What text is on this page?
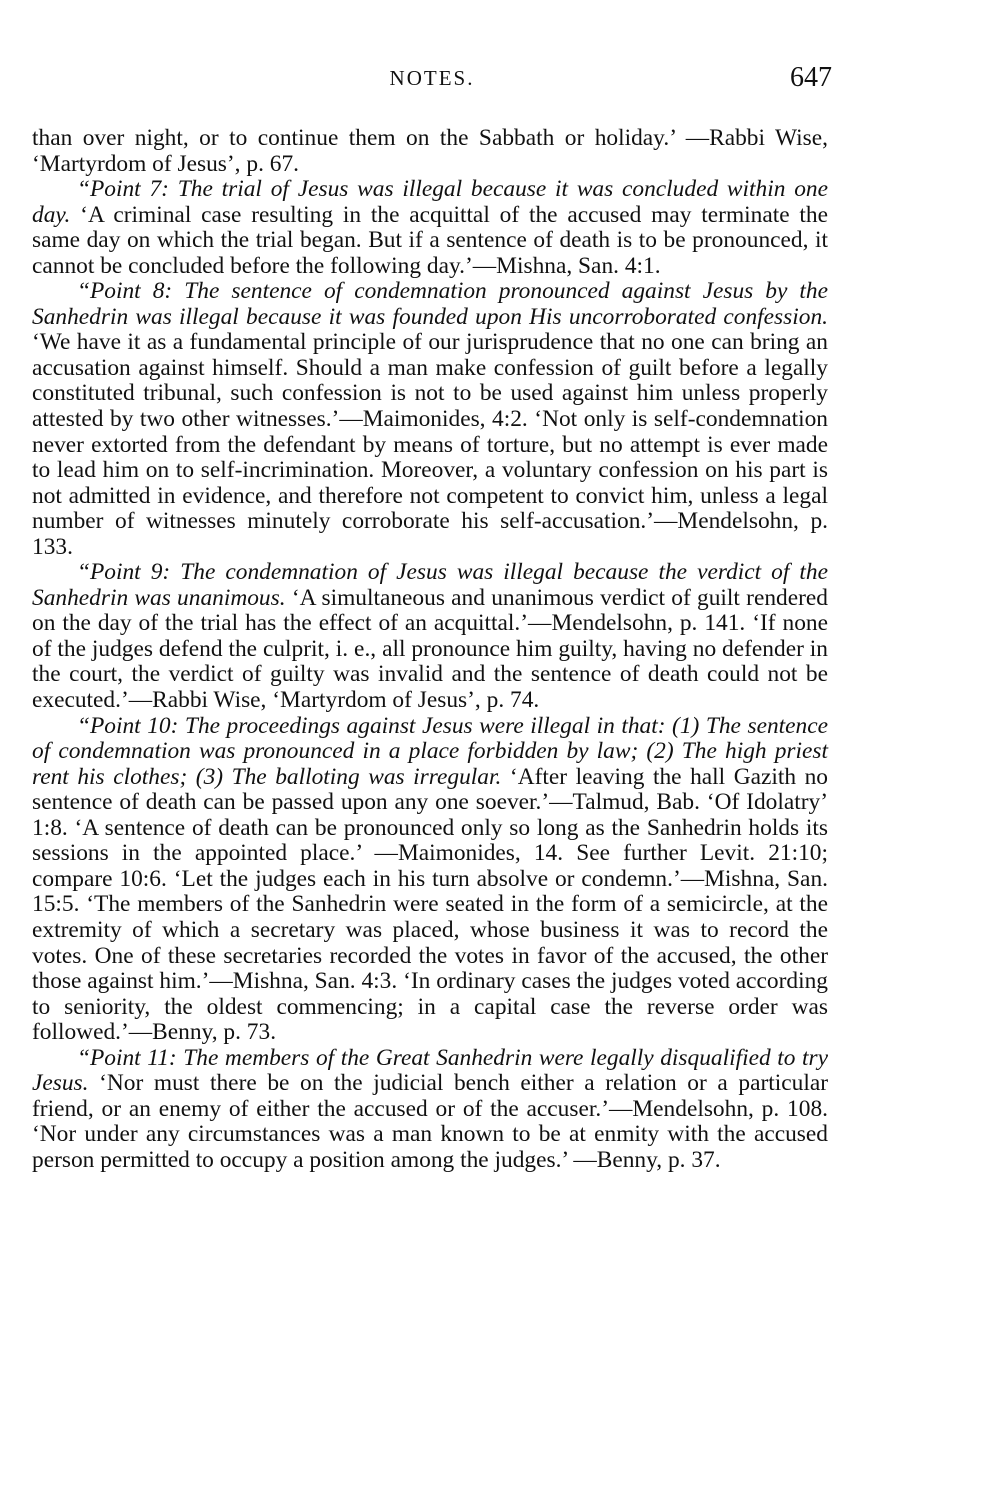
NOTES.	647

than over night, or to continue them on the Sabbath or holiday.’ —Rabbi Wise, ‘Martyrdom of Jesus’, p. 67.

“Point 7: The trial of Jesus was illegal because it was concluded within one day. ‘A criminal case resulting in the acquittal of the accused may terminate the same day on which the trial began. But if a sentence of death is to be pronounced, it cannot be concluded before the following day.’—Mishna, San. 4:1.

“Point 8: The sentence of condemnation pronounced against Jesus by the Sanhedrin was illegal because it was founded upon His uncorroborated confession. ‘We have it as a fundamental principle of our jurisprudence that no one can bring an accusation against himself. Should a man make confession of guilt before a legally constituted tribunal, such confession is not to be used against him unless properly attested by two other witnesses.’—Maimonides, 4:2. ‘Not only is self-condemnation never extorted from the defendant by means of torture, but no attempt is ever made to lead him on to self-incrimination. Moreover, a voluntary confession on his part is not admitted in evidence, and therefore not competent to convict him, unless a legal number of witnesses minutely corroborate his self-accusation.’—Mendelsohn, p. 133.

“Point 9: The condemnation of Jesus was illegal because the verdict of the Sanhedrin was unanimous. ‘A simultaneous and unanimous verdict of guilt rendered on the day of the trial has the effect of an acquittal.’—Mendelsohn, p. 141. ‘If none of the judges defend the culprit, i. e., all pronounce him guilty, having no defender in the court, the verdict of guilty was invalid and the sentence of death could not be executed.’—Rabbi Wise, ‘Martyrdom of Jesus’, p. 74.

“Point 10: The proceedings against Jesus were illegal in that: (1) The sentence of condemnation was pronounced in a place forbidden by law; (2) The high priest rent his clothes; (3) The balloting was irregular. ‘After leaving the hall Gazith no sentence of death can be passed upon any one soever.’—Talmud, Bab. ‘Of Idolatry’ 1:8. ‘A sentence of death can be pronounced only so long as the Sanhedrin holds its sessions in the appointed place.’ —Maimonides, 14. See further Levit. 21:10; compare 10:6. ‘Let the judges each in his turn absolve or condemn.’—Mishna, San. 15:5. ‘The members of the Sanhedrin were seated in the form of a semicircle, at the extremity of which a secretary was placed, whose business it was to record the votes. One of these secretaries recorded the votes in favor of the accused, the other those against him.’—Mishna, San. 4:3. ‘In ordinary cases the judges voted according to seniority, the oldest commencing; in a capital case the reverse order was followed.’—Benny, p. 73.

“Point 11: The members of the Great Sanhedrin were legally disqualified to try Jesus. ‘Nor must there be on the judicial bench either a relation or a particular friend, or an enemy of either the accused or of the accuser.’—Mendelsohn, p. 108. ‘Nor under any circumstances was a man known to be at enmity with the accused person permitted to occupy a position among the judges.’ —Benny, p. 37.
